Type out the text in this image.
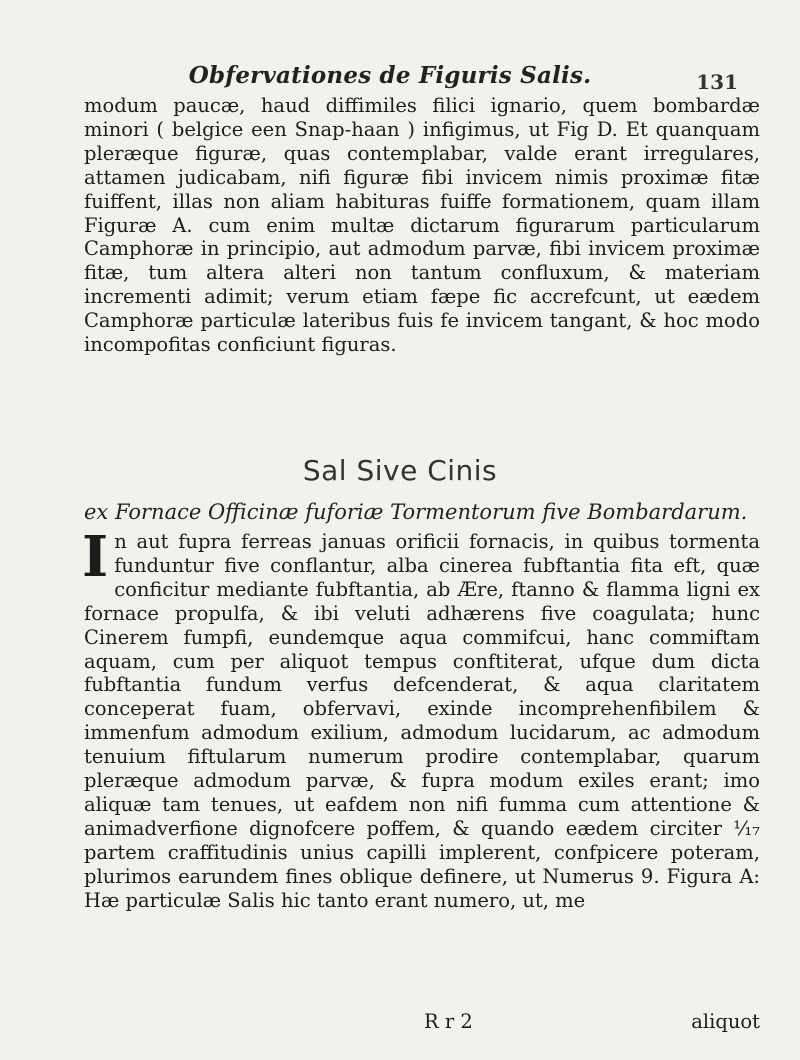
Obfervationes de Figuris Salis.	131

modum paucæ, haud diffimiles filici ignario, quem bombardæ minori ( belgice een Snap-haan ) infigimus, ut Fig D. Et quanquam pleræque figuræ, quas contemplabar, valde erant irregulares, attamen judicabam, nifi figuræ fibi invicem nimis proximæ fitæ fuiffent, illas non aliam habituras fuiffe formationem, quam illam Figuræ A. cum enim multæ dictarum figurarum particularum Camphoræ in principio, aut admodum parvæ, fibi invicem proximæ fitæ, tum altera alteri non tantum confluxum, & materiam incrementi adimit; verum etiam fæpe fic accrefcunt, ut eædem Camphoræ particulæ lateribus fuis fe invicem tangant, & hoc modo incompofitas conficiunt figuras.

Sal Sive Cinis
ex Fornace Officinæ fuforiæ Tormentorum five Bombardarum.

In aut fupra ferreas januas orificii fornacis, in quibus tormenta funduntur five conflantur, alba cinerea fubftantia fita eft, quæ conficitur mediante fubftantia, ab Ære, ftanno & flamma ligni ex fornace propulfa, & ibi veluti adhærens five coagulata; hunc Cinerem fumpfi, eundemque aqua commifcui, hanc commiftam aquam, cum per aliquot tempus conftiterat, ufque dum dicta fubftantia fundum verfus defcenderat, & aqua claritatem conceperat fuam, obfervavi, exinde incomprehenfibilem & immenfum admodum exilium, admodum lucidarum, ac admodum tenuium fiftularum numerum prodire contemplabar, quarum pleræque admodum parvæ, & fupra modum exiles erant; imo aliquæ tam tenues, ut eafdem non nifi fumma cum attentione & animadverfione dignofcere poffem, & quando eædem circiter ¹⁄₁₇ partem craffitudinis unius capilli implerent, confpicere poteram, plurimos earundem fines oblique definere, ut Numerus 9. Figura A: Hæ particulæ Salis hic tanto erant numero, ut, me

R r 2	aliquot
